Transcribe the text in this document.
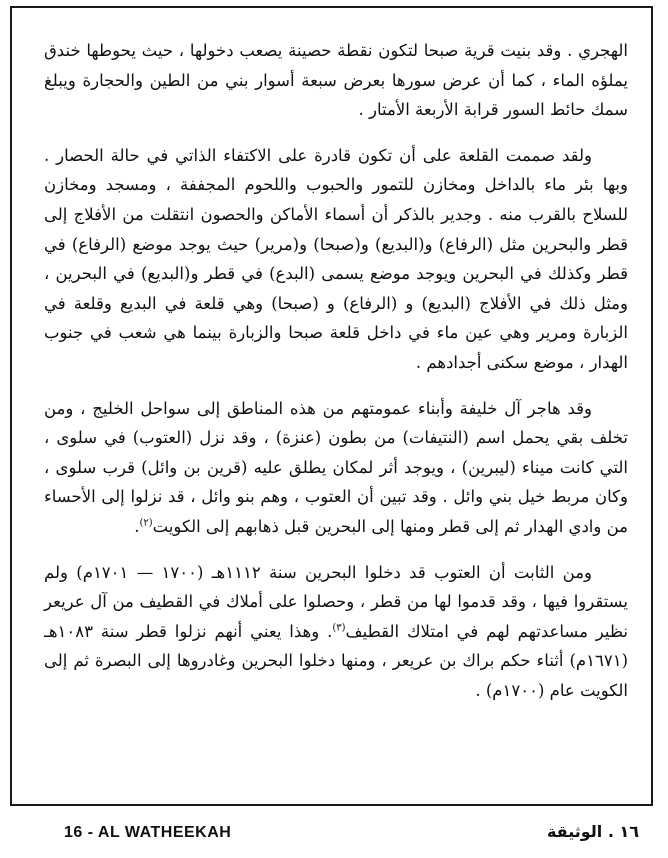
الهجري . وقد بنيت قرية صبحا لتكون نقطة حصينة يصعب دخولها ، حيث يحوطها خندق يملؤه الماء ، كما أن عرض سورها بعرض سبعة أسوار بني من الطين والحجارة ويبلغ سمك حائط السور قرابة الأربعة الأمتار .

ولقد صممت القلعة على أن تكون قادرة على الاكتفاء الذاتي في حالة الحصار . وبها بئر ماء بالداخل ومخازن للتمور والحبوب واللحوم المجففة ، ومسجد ومخازن للسلاح بالقرب منه . وجدير بالذكر أن أسماء الأماكن والحصون انتقلت من الأفلاج إلى قطر والبحرين مثل (الرفاع) و(البديع) و(صبحا) و(مرير) حيث يوجد موضع (الرفاع) في قطر وكذلك في البحرين ويوجد موضع يسمى (البدع) في قطر و(البديع) في البحرين ، ومثل ذلك في الأفلاج (البديع) و (الرفاع) و (صبحا) وهي قلعة في البديع وقلعة في الزبارة ومرير وهي عين ماء في داخل قلعة صبحا والزبارة بينما هي شعب في جنوب الهدار ، موضع سكنى أجدادهم .

وقد هاجر آل خليفة وأبناء عمومتهم من هذه المناطق إلى سواحل الخليج ، ومن تخلف بقي يحمل اسم (النتيفات) من بطون (عنزة) ، وقد نزل (العتوب) في سلوى ، التي كانت ميناء (ليبرين) ، ويوجد أثر لمكان يطلق عليه (قرين بن وائل) قرب سلوى ، وكان مربط خيل بني وائل . وقد تبين أن العتوب ، وهم بنو وائل ، قد نزلوا إلى الأحساء من وادي الهدار ثم إلى قطر ومنها إلى البحرين قبل ذهابهم إلى الكويت$^{(٢)}$.

ومن الثابت أن العتوب قد دخلوا البحرين سنة ١١١٢هـ (١٧٠٠ — ١٧٠١م) ولم يستقروا فيها ، وقد قدموا لها من قطر ، وحصلوا على أملاك في القطيف من آل عريعر نظير مساعدتهم لهم في امتلاك القطيف$^{(٣)}$. وهذا يعني أنهم نزلوا قطر سنة ١٠٨٣هـ (١٦٧١م) أثناء حكم براك بن عريعر ، ومنها دخلوا البحرين وغادروها إلى البصرة ثم إلى الكويت عام (١٧٠٠م) .

16 - AL WATHEEKAH	١٦ . الوثيقة
